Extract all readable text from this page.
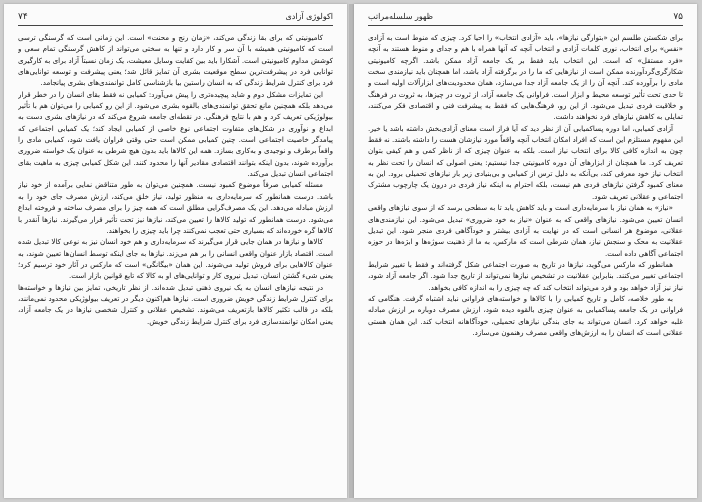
۷۴	اکولوژی آزادی

کامیونیتی که برای بقا زندگی می‌کند، «زمان رنج و محنت» است. این زمانی است که گرسنگی ترسی است که کامیونیتی همیشه با آن سر و کار دارد و تنها به سختی می‌تواند از کاهش گرسنگی تمام سعی و کوشش مداوم کامیونیتی است. آشکارا باید بین کفایت وسایل معیشت، یک زمان نسبتاً آزاد برای به کارگیری توانایی فرد در پیشرفت‌ترین سطح موقعیت بشری آن تمایز قائل شد؛ یعنی پیشرفت و توسعه توانایی‌های فرد برای کنترل شرایط زندگی که به انسان راستین بیا بازشناسی کامل توانمندی‌های بشری پیانجامد.

این تمایزات مشکل دوم و شاید پیچیده‌تری را پیش می‌آورد: کمیابی نه فقط بقای انسان را در خطر قرار می‌دهد بلکه همچنین مانع تحقق توانمندی‌های بالقوه بشری می‌شود. از این رو کمیابی را می‌توان هم با تأثیر بیولوژیکی تعریف کرد و هم با نتایج فرهنگی. در نقطه‌ای جامعه شروع می‌کند که در نیازهای بشری دست به ابداع و نوآوری در شکل‌های متفاوت اجتماعی نوع خاصی از کمیابی ایجاد کند؛ یک کمیابی اجتماعی که پیامدگر خاصیت اجتماعی است. چنین کمیابی ممکن است حتی وقتی فراوان یافت شود، کمیابی مادی را واقعاً برطرف و نوجیدی و به‌کاری بسازد. همه این کالاها باید بدون هیچ شرطی به عنوان یک خواسته ضروری برآورده شوند، بدون اینکه بتوانند اقتصادی مقادیر آنها را محدود کنند. این شکل کمیابی چیزی به ماهیت بقای اجتماعی انسان تبدیل می‌کند.

مسئله کمیابی صرفاً موضوع کمبود نیست. همچنین می‌توان به طور متناقض نمایی برآمده از خود نیاز باشد. درست همانطور که سرمایه‌داری به منظور تولید، نیاز خلق می‌کند، ارزش مصرف جای خود را به ارزش مبادله می‌دهد. این یک مصرف‌گرایی مطلق است که همه چیز را برای مصرف ساخته و فروخته ابداع می‌شود. درست همانطور که تولید کالاها را تعیین می‌کند، نیازها نیز تحت تأثیر قرار می‌گیرند. نیازها آنقدر با کالاها گره خورده‌اند که بسیاری حتی تعجب نمی‌کنند چرا باید چیزی را بخواهند.

کالاها و نیازها در همان جایی قرار می‌گیرند که سرمایه‌داری و هم خود انسان نیز به نوعی کالا تبدیل شده است. اقتصاد بازار عنوان واقعی انسانی را بر هم می‌زند. نیازها به جای اینکه توسط انسان‌ها تعیین شوند، به عنوان کالاهایی برای فروش تولید می‌شوند. این همان «بیگانگی» است که مارکس در آثار خود ترسیم کرد؛ یعنی شیء گشتن انسان، تبدیل نیروی کار و توانایی‌های او به کالا که تابع قوانین بازار است.

در نتیجه نیازهای انسان به یک نیروی ذهنی تبدیل شده‌اند. از نظر تاریخی، تمایز بین نیازها و خواسته‌ها برای کنترل شرایط زندگی خویش ضروری است. نیازها هم‌اکنون دیگر در تعریف بیولوژیکی محدود نمی‌مانند، بلکه در قالب تکثیر کالاها بازتعریف می‌شوند. تشخیص عقلانی و کنترل شخصی نیازها در یک جامعه آزاد، یعنی امکان توانمندسازی فرد برای کنترل شرایط زندگی خویش.

۷۵
ظهور سلسله‌مراتب

برای شکستن طلسم این «بتوارگی نیازها»، باید «آزادی انتخاب» را احیا کرد. چیزی که منوط است به آزادی «نفس» برای انتخاب، نوری کلمات آزادی و انتخاب آنچه که آنها همراه با هم و جدای و منوط هستند به آنچه «فرد مستقل» که است. این انتخاب باید فقط بر یک جامعه آزاد ممکن باشد. اگرچه کامیونیتی شکارگری‌گردآورنده ممکن است از نیازهایی که ما را در برگرفته آزاد باشد، اما همچنان باید نیازمندی سخت مادی را برآورده کند. آنچه آن را از یک جامعه آزاد جدا می‌سازد، همان محدودیت‌های ابزارآلات اولیه است و تا حدی تحت تأثیر توسعه محیط و ابزار است. فراوانی یک جامعه آزاد، از ثروت در چیزها، به ثروت در فرهنگ و خلاقیت فردی تبدیل می‌شود. از این رو، فرهنگ‌هایی که فقط به پیشرفت فنی و اقتصادی فکر می‌کنند، تمایلی به کاهش نیازهای فرد نخواهند داشت.

آزادی کمیابی، اما دوره پساکمیابی آن از نظر دید که آیا فراز است معنای آزادی‌بخش داشته باشد یا خیر. این مفهوم مستلزم این است که افراد امکان انتخاب آنچه واقعاً مورد نیازشان هست را داشته باشند. نه فقط چون به اندازه کافی کالا برای انتخاب نیاز است. بلکه به عنوان چیزی که از ناظر کمی و هم کیفی بتوان تعریف کرد. ما همچنان از ابزارهای آن دوره کامیونیتی جدا نیستیم: یعنی اصولی که انسان را تحت نظر به انتخاب نیاز خود معرفی کند، بی‌آنکه به دلیل ترس از کمیابی و بی‌بنیادی زیر بار نیازهای تحمیلی برود. این به معنای کمبود گرفتن نیازهای فردی هم نیست، بلکه احترام به اینکه نیاز فردی در درون یک چارچوب مشترک اجتماعی و عقلانی تعریف شود.

«نیاز» به همان نیاز با سرمایه‌داری است و باید کاهش یابد تا به سطحی برسد که از سوی نیازهای واقعی انسان تعیین می‌شود. نیازهای واقعی که به عنوان «نیاز به خود ضروری» تبدیل می‌شود. این نیازمندی‌های عقلانی، موضوع هر انسانی است که در نهایت به آزادی بیشتر و خودآگاهی فردی منجر شود. این تبدیل عقلانیت به محک و سنجش نیاز، همان شرطی است که مارکس، به ما از ذهنیت سوژه‌ها و ابژه‌ها در حوزه اجتماعی آگاهی داده است.

همانطور که مارکس می‌گوید، نیازها در تاریخ به صورت اجتماعی شکل گرفته‌اند و فقط با تغییر شرایط اجتماعی تغییر می‌کنند. بنابراین عقلانیت در تشخیص نیازها نمی‌تواند از تاریخ جدا شود. اگر جامعه آزاد شود، نیاز نیز آزاد خواهد بود و فرد می‌تواند انتخاب کند که چه چیزی را به اندازه کافی بخواهد.

به طور خلاصه، کامل و تاریخ کمیابی را با کالاها و خواسته‌های فراوانی نباید اشتباه گرفت. هنگامی که فراوانی در یک جامعه پساکمیابی به عنوان چیزی بالقوه دیده شود، ارزش مصرف دوباره بر ارزش مبادله غلبه خواهد کرد. انسان می‌تواند به جای بندگی نیازهای تحمیلی، خودآگاهانه انتخاب کند. این همان هستی عقلانی است که انسان را به ارزش‌های واقعی مصرف رهنمون می‌سازد.
